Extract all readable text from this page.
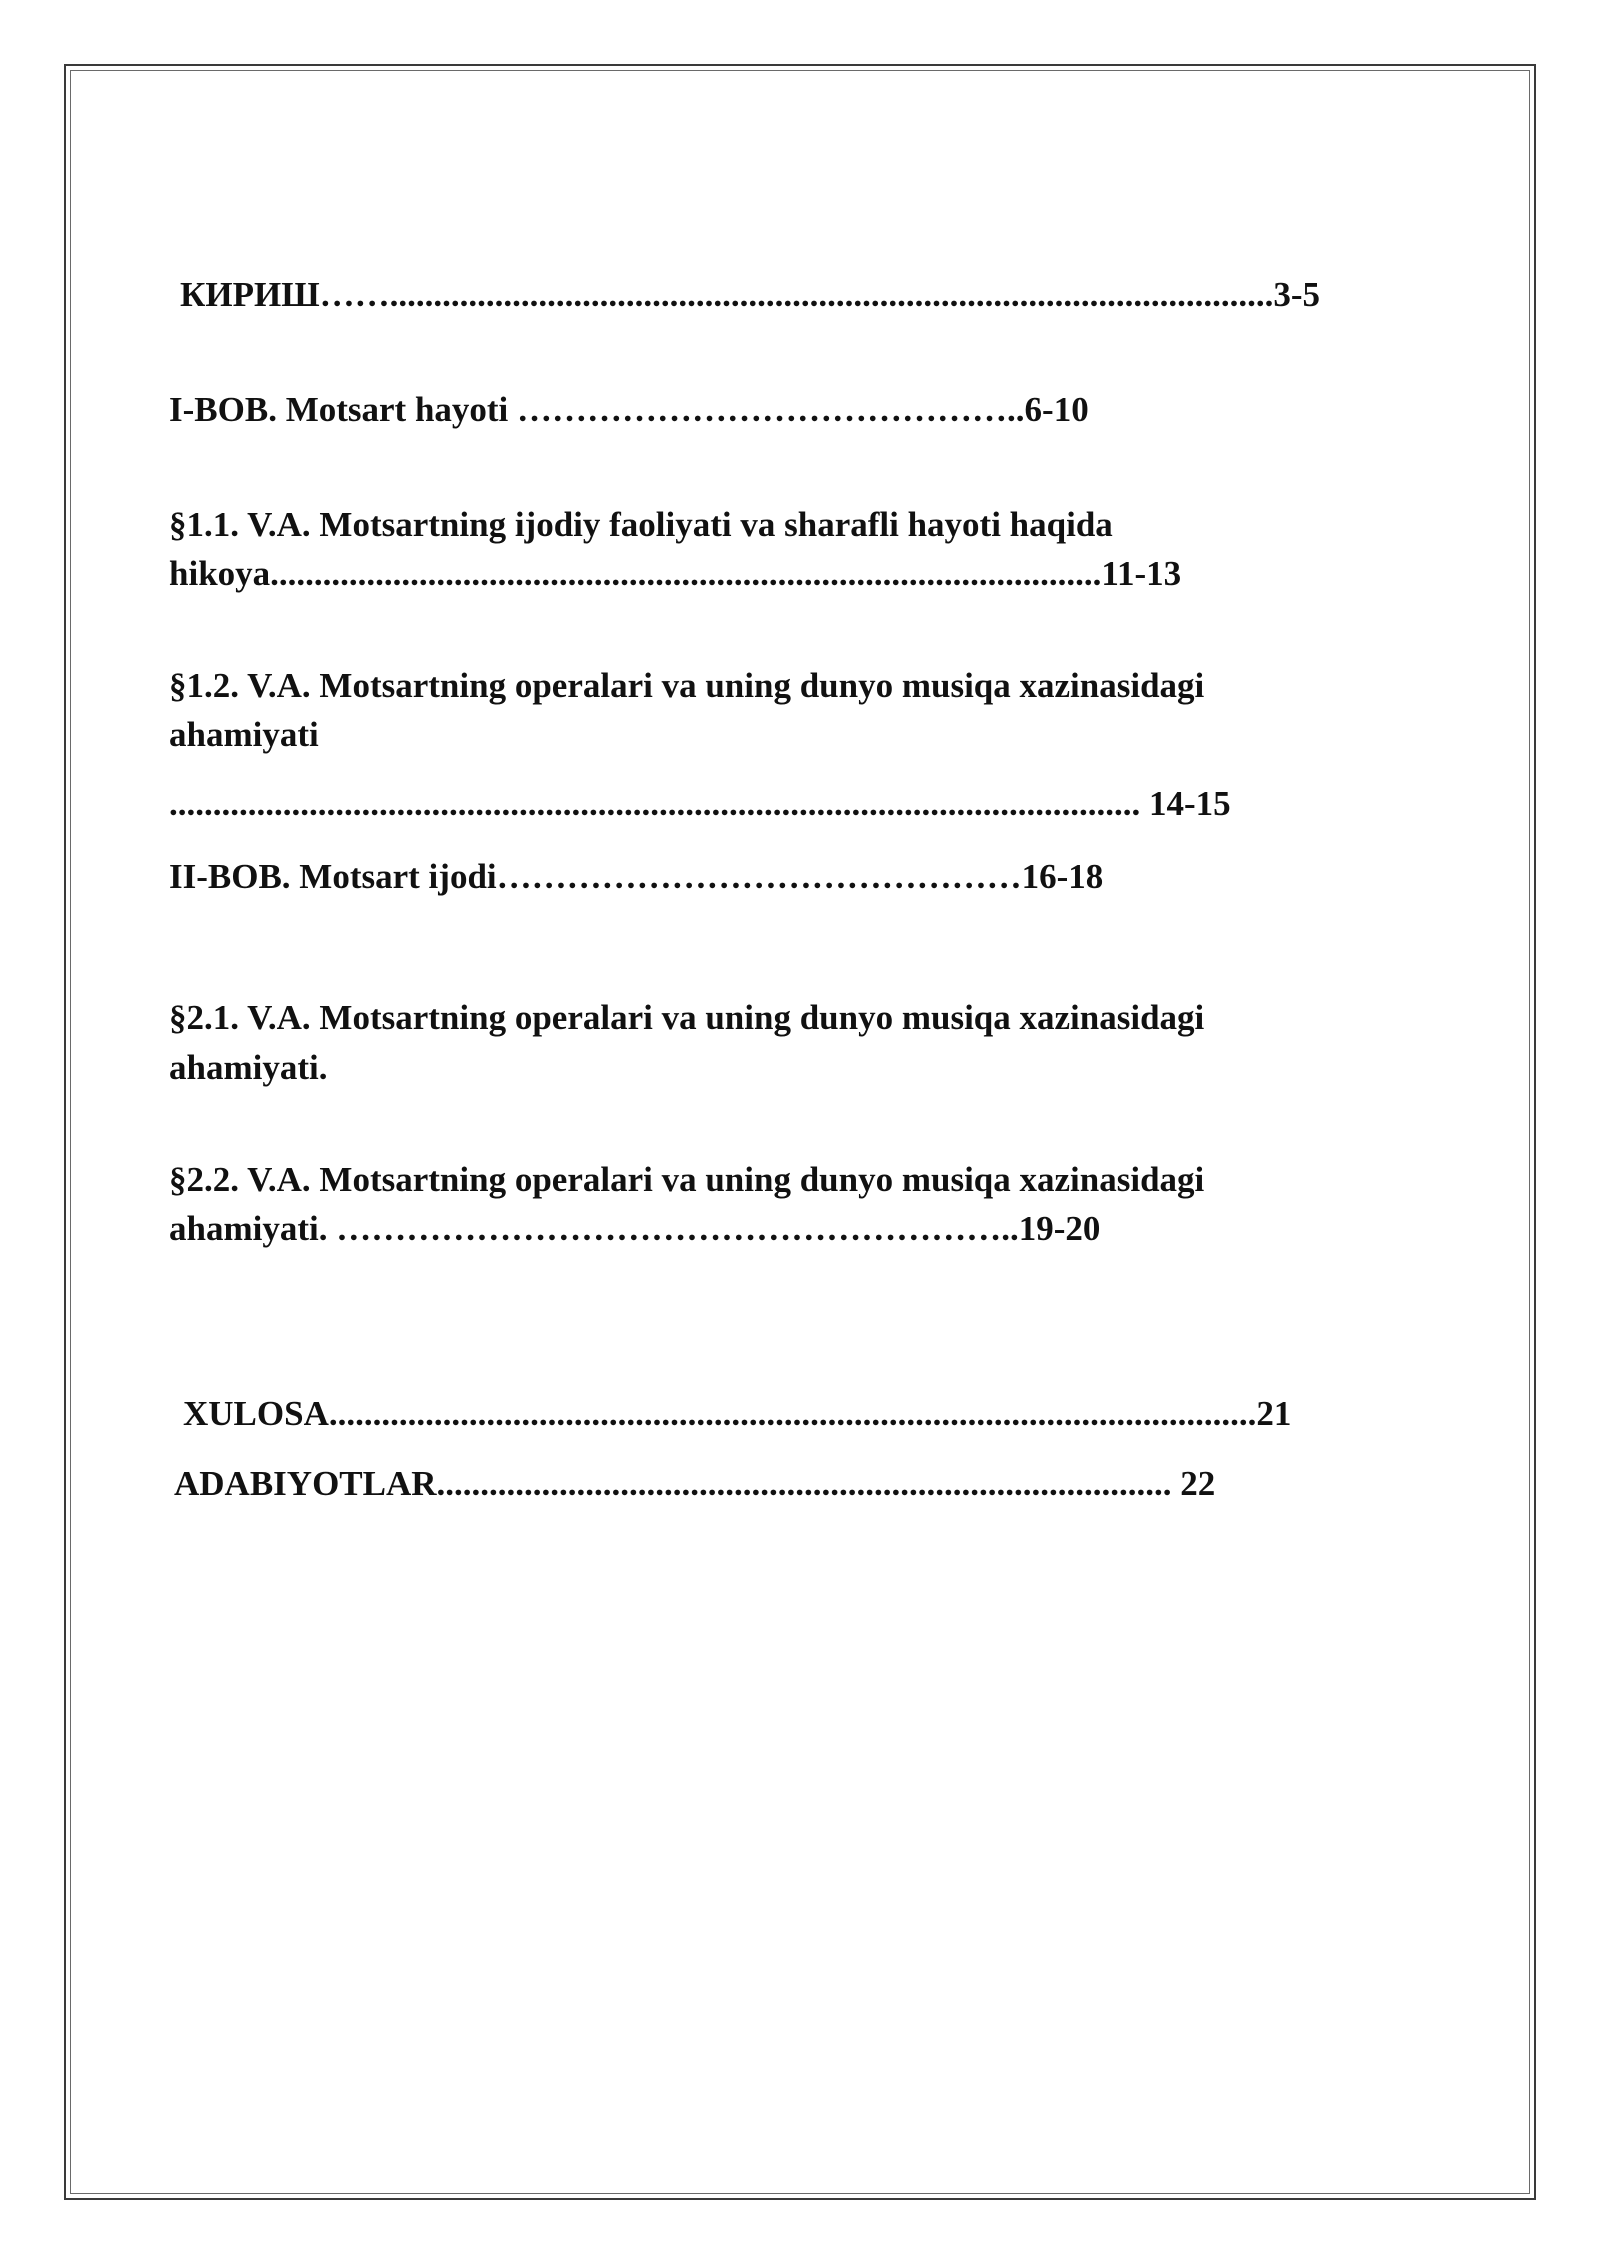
КИРИШ…….....................................................................................................3-5
I-BOB. Motsart hayoti ……………………………………..6-10
§1.1. V.A. Motsartning ijodiy faoliyati va sharafli hayoti haqida
hikoya...............................................................................................11-13
§1.2. V.A. Motsartning operalari va uning dunyo musiqa xazinasidagi
ahamiyati
............................................................................................................... 14-15
II-BOB. Motsart ijodi………………………………………16-18
§2.1. V.A. Motsartning operalari va uning dunyo musiqa xazinasidagi
ahamiyati.
§2.2. V.A. Motsartning operalari va uning dunyo musiqa xazinasidagi
ahamiyati. …………………………………………………..19-20
XULOSA..........................................................................................................21
ADABIYOTLAR.................................................................................... 22
